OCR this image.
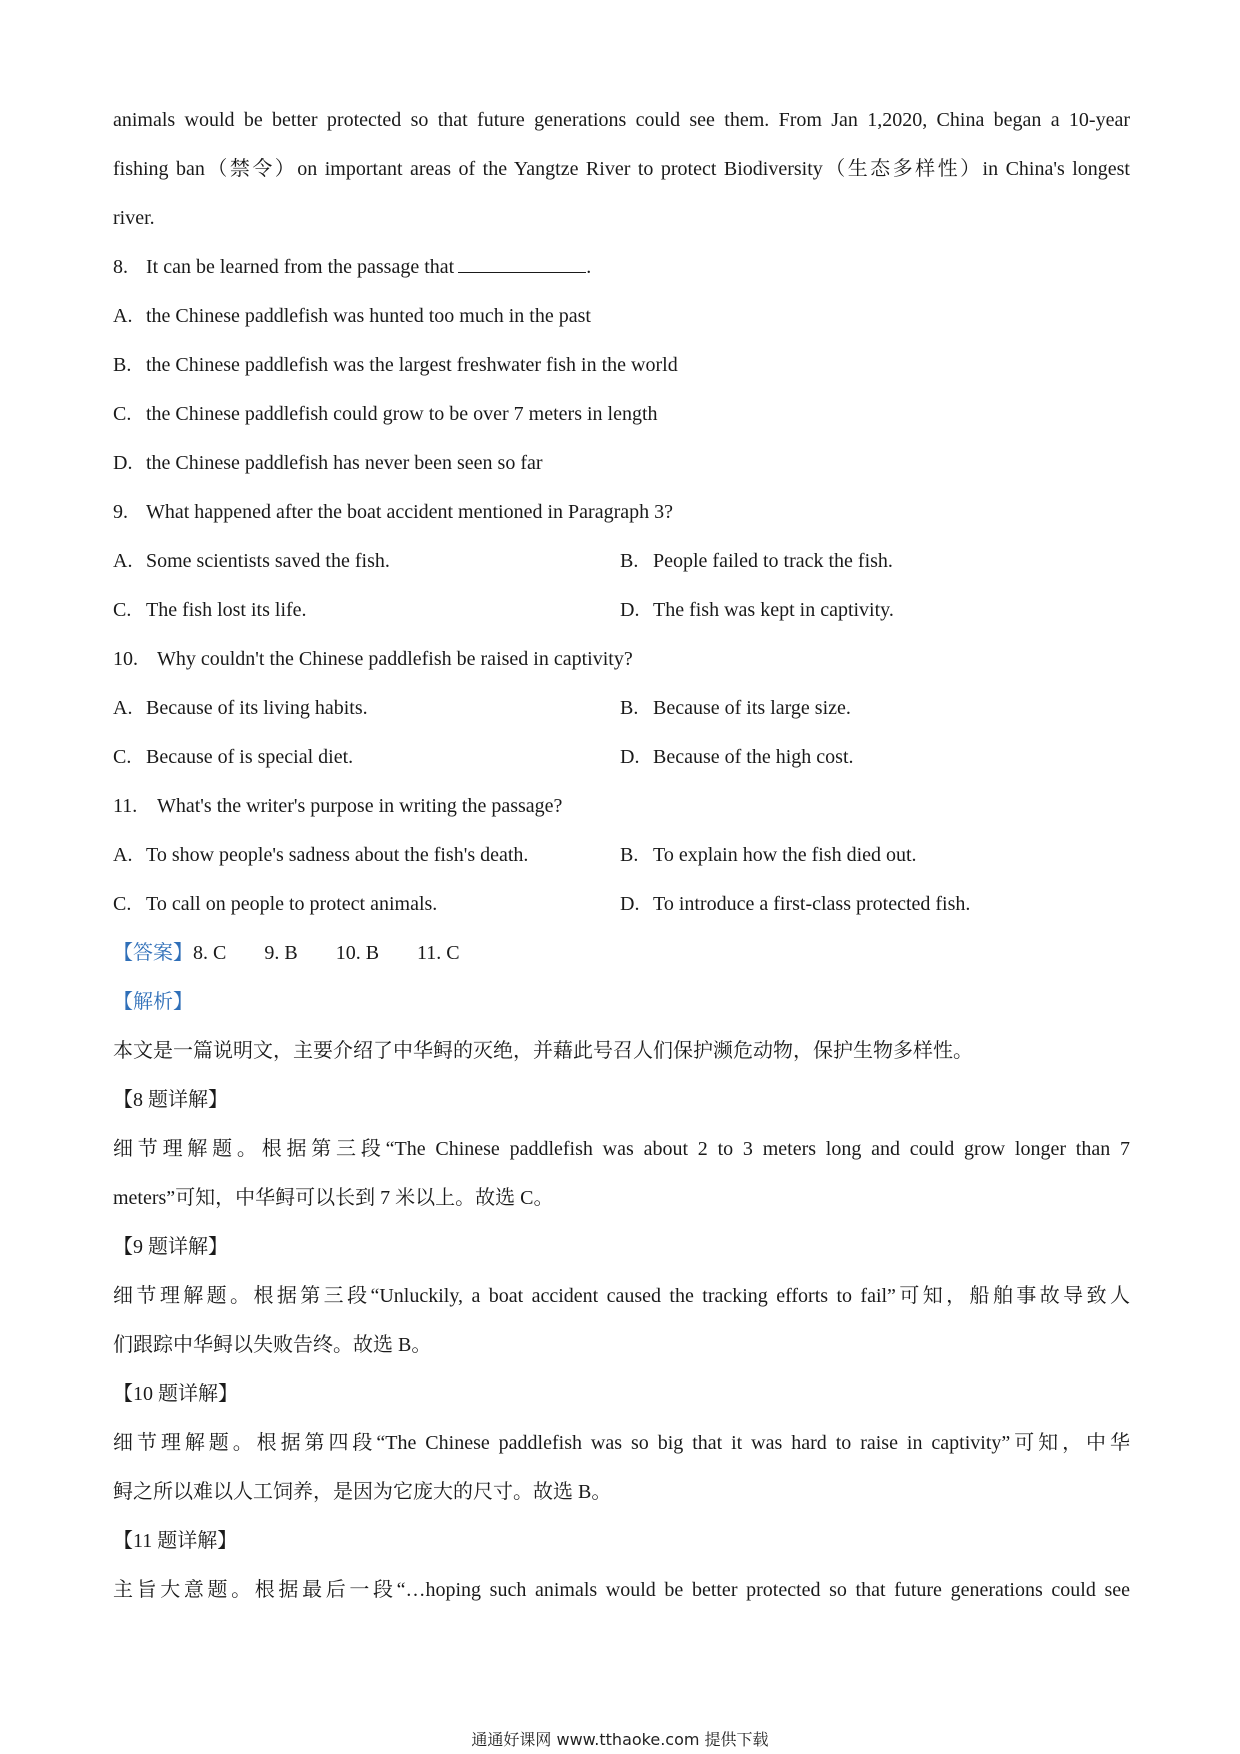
animals would be better protected so that future generations could see them. From Jan 1,2020, China began a 10-year
fishing ban（禁令）on important areas of the Yangtze River to protect Biodiversity（生态多样性）in China's longest
river.
8. It can be learned from the passage that	.
A. the Chinese paddlefish was hunted too much in the past
B. the Chinese paddlefish was the largest freshwater fish in the world
C. the Chinese paddlefish could grow to be over 7 meters in length
D. the Chinese paddlefish has never been seen so far
9. What happened after the boat accident mentioned in Paragraph 3?
A. Some scientists saved the fish.	B. People failed to track the fish.
C. The fish lost its life.	D. The fish was kept in captivity.
10. Why couldn't the Chinese paddlefish be raised in captivity?
A. Because of its living habits.	B. Because of its large size.
C. Because of is special diet.	D. Because of the high cost.
11. What's the writer's purpose in writing the passage?
A. To show people's sadness about the fish's death.	B. To explain how the fish died out.
C. To call on people to protect animals.	D. To introduce a first-class protected fish.
【答案】8. C 9. B 10. B 11. C
【解析】
本文是一篇说明文，主要介绍了中华鲟的灭绝，并藉此号召人们保护濒危动物，保护生物多样性。
【8 题详解】
细节理解题。根据第三段“The Chinese paddlefish was about 2 to 3 meters long and could grow longer than 7
meters”可知，中华鲟可以长到 7 米以上。故选 C。
【9 题详解】
细节理解题。根据第三段“Unluckily, a boat accident caused the tracking efforts to fail”可知，船舶事故导致人
们跟踪中华鲟以失败告终。故选 B。
【10 题详解】
细节理解题。根据第四段“The Chinese paddlefish was so big that it was hard to raise in captivity”可知，中华
鲟之所以难以人工饲养，是因为它庞大的尺寸。故选 B。
【11 题详解】
主旨大意题。根据最后一段“…hoping such animals would be better protected so that future generations could see
通通好课网 www.tthaoke.com 提供下载
